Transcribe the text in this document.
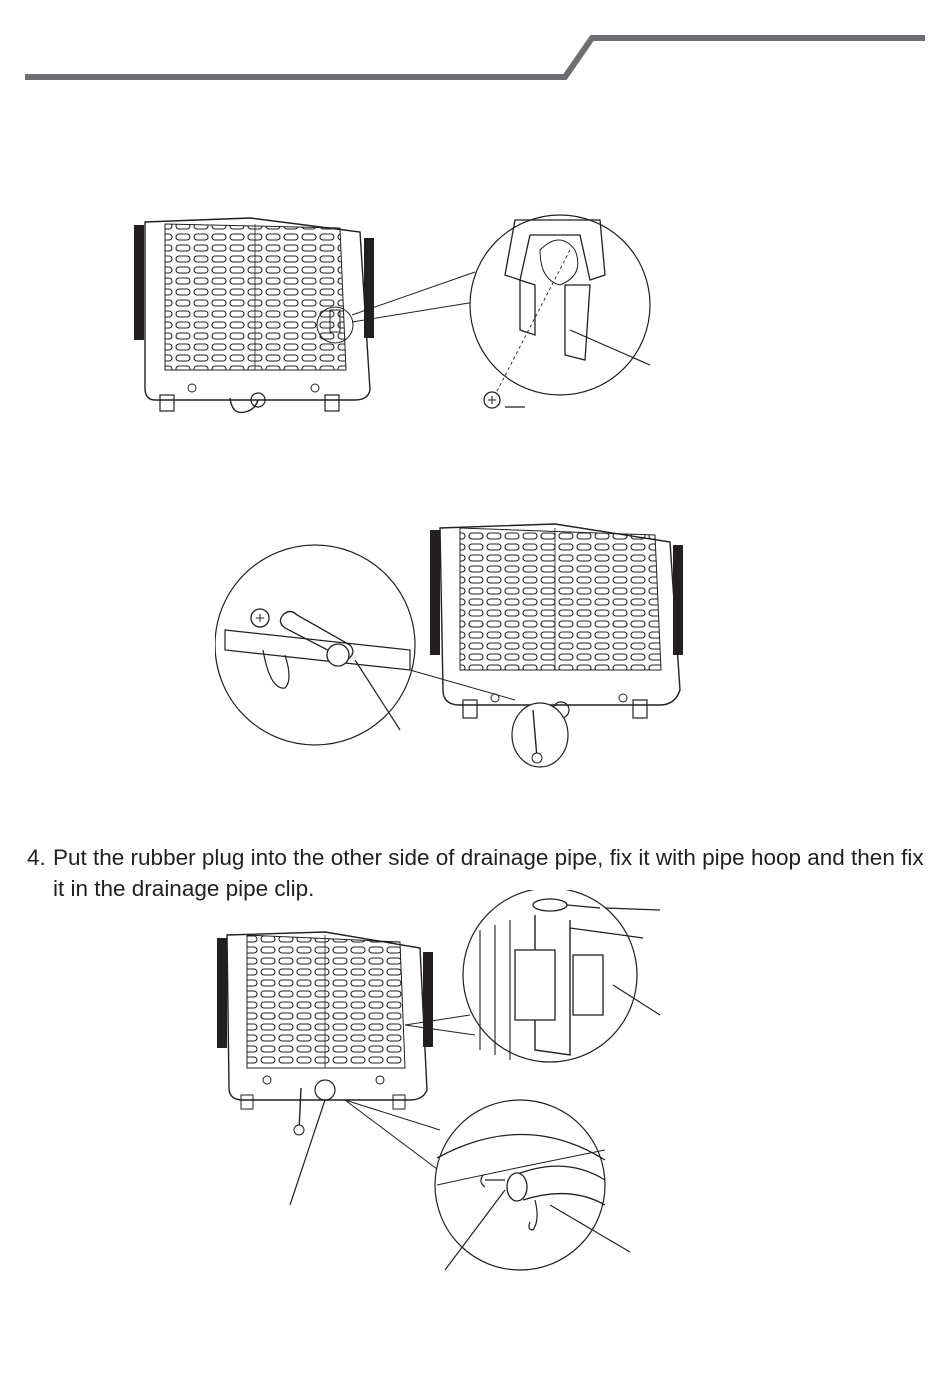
4. Put the rubber plug into the other side of drainage pipe, fix it with pipe hoop and then fix it in the drainage pipe clip.
